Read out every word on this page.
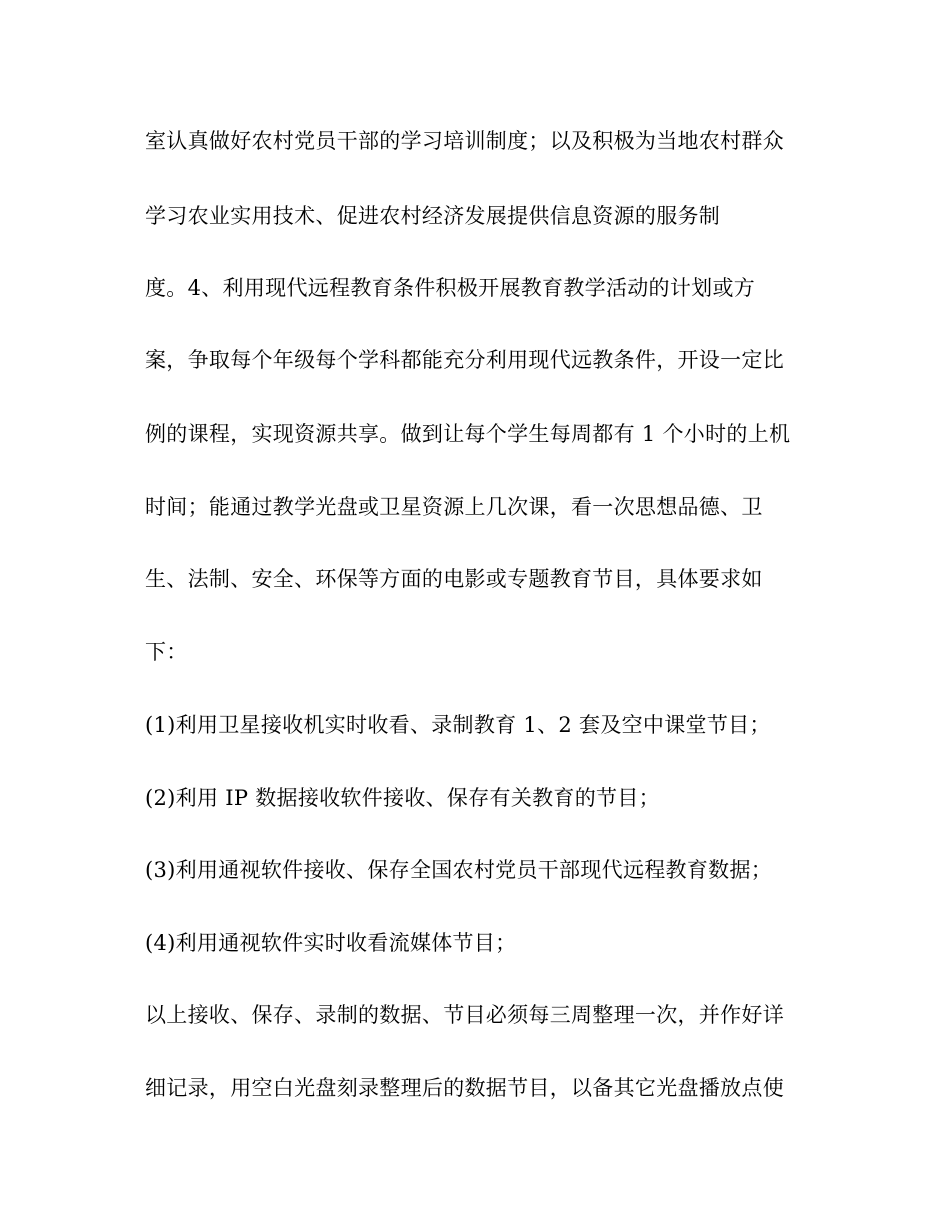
室认真做好农村党员干部的学习培训制度；以及积极为当地农村群众
学习农业实用技术、促进农村经济发展提供信息资源的服务制
度。4、利用现代远程教育条件积极开展教育教学活动的计划或方
案，争取每个年级每个学科都能充分利用现代远教条件，开设一定比
例的课程，实现资源共享。做到让每个学生每周都有 1 个小时的上机
时间；能通过教学光盘或卫星资源上几次课，看一次思想品德、卫
生、法制、安全、环保等方面的电影或专题教育节目，具体要求如
下：
(1)利用卫星接收机实时收看、录制教育 1、2 套及空中课堂节目；
(2)利用 IP 数据接收软件接收、保存有关教育的节目；
(3)利用通视软件接收、保存全国农村党员干部现代远程教育数据；
(4)利用通视软件实时收看流媒体节目；
以上接收、保存、录制的数据、节目必须每三周整理一次，并作好详
细记录，用空白光盘刻录整理后的数据节目，以备其它光盘播放点使
